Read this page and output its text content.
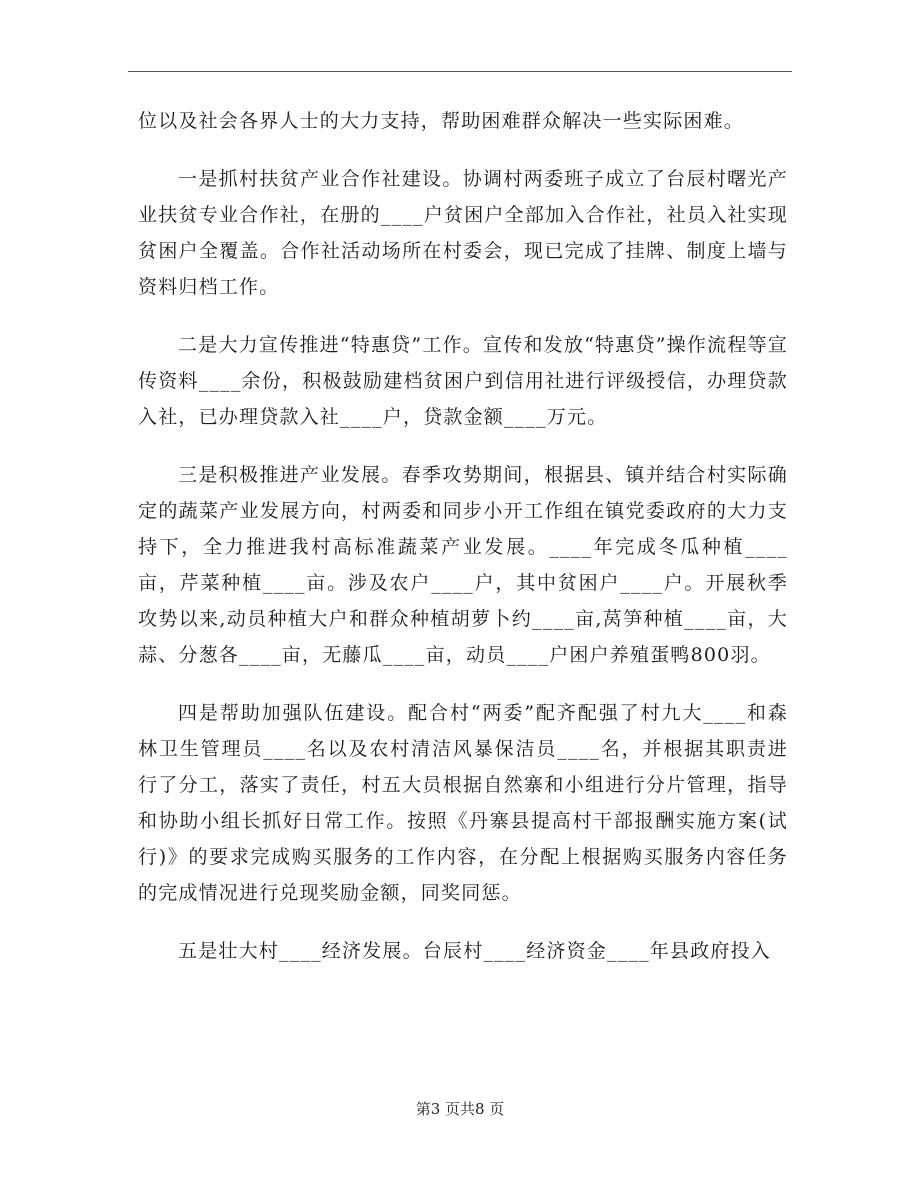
位以及社会各界人士的大力支持，帮助困难群众解决一些实际困难。

一是抓村扶贫产业合作社建设。协调村两委班子成立了台辰村曙光产业扶贫专业合作社，在册的____户贫困户全部加入合作社，社员入社实现贫困户全覆盖。合作社活动场所在村委会，现已完成了挂牌、制度上墙与资料归档工作。

二是大力宣传推进“特惠贷”工作。宣传和发放“特惠贷”操作流程等宣传资料____余份，积极鼓励建档贫困户到信用社进行评级授信，办理贷款入社，已办理贷款入社____户，贷款金额____万元。

三是积极推进产业发展。春季攻势期间，根据县、镇并结合村实际确定的蔬菜产业发展方向，村两委和同步小开工作组在镇党委政府的大力支持下，全力推进我村高标准蔬菜产业发展。____年完成冬瓜种植____亩，芹菜种植____亩。涉及农户____户，其中贫困户____户。开展秋季攻势以来,动员种植大户和群众种植胡萝卜约____亩,莴笋种植____亩，大蒜、分葱各____亩，无藤瓜____亩，动员____户困户养殖蛋鸭800羽。

四是帮助加强队伍建设。配合村“两委”配齐配强了村九大____和森林卫生管理员____名以及农村清洁风暴保洁员____名，并根据其职责进行了分工，落实了责任，村五大员根据自然寨和小组进行分片管理，指导和协助小组长抓好日常工作。按照《丹寨县提高村干部报酬实施方案(试行)》的要求完成购买服务的工作内容，在分配上根据购买服务内容任务的完成情况进行兑现奖励金额，同奖同惩。

五是壮大村____经济发展。台辰村____经济资金____年县政府投入

第3 页共8 页
